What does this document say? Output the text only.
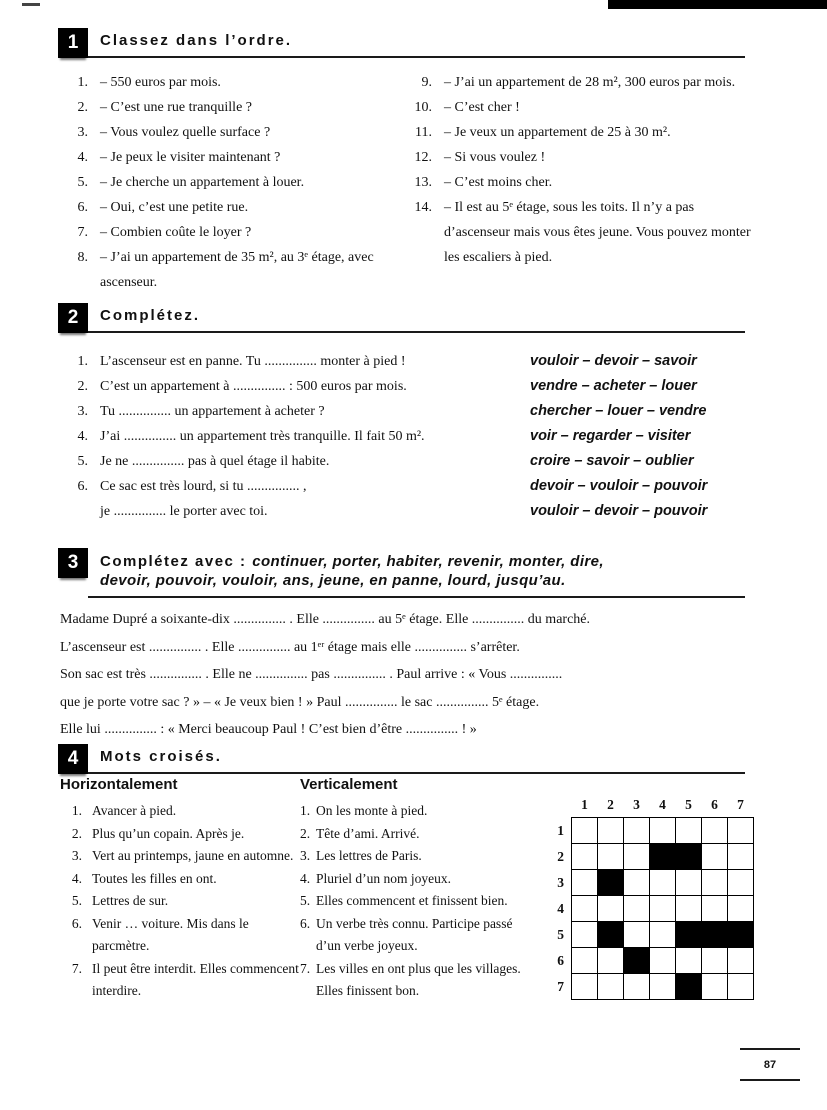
1	Classez dans l’ordre.
1. – 550 euros par mois.
2. – C’est une rue tranquille ?
3. – Vous voulez quelle surface ?
4. – Je peux le visiter maintenant ?
5. – Je cherche un appartement à louer.
6. – Oui, c’est une petite rue.
7. – Combien coûte le loyer ?
8. – J’ai un appartement de 35 m², au 3ᵉ étage, avec ascenseur.
9. – J’ai un appartement de 28 m², 300 euros par mois.
10. – C’est cher !
11. – Je veux un appartement de 25 à 30 m².
12. – Si vous voulez !
13. – C’est moins cher.
14. – Il est au 5ᵉ étage, sous les toits. Il n’y a pas d’ascenseur mais vous êtes jeune. Vous pouvez monter les escaliers à pied.
2	Complétez.
1. L’ascenseur est en panne. Tu ............... monter à pied !	vouloir – devoir – savoir
2. C’est un appartement à ............... : 500 euros par mois.	vendre – acheter – louer
3. Tu ............... un appartement à acheter ?	chercher – louer – vendre
4. J’ai ............... un appartement très tranquille. Il fait 50 m².	voir – regarder – visiter
5. Je ne ............... pas à quel étage il habite.	croire – savoir – oublier
6. Ce sac est très lourd, si tu ............... ,	devoir – vouloir – pouvoir
je ............... le porter avec toi.	vouloir – devoir – pouvoir
3	Complétez avec : continuer, porter, habiter, revenir, monter, dire,
devoir, pouvoir, vouloir, ans, jeune, en panne, lourd, jusqu’au.
Madame Dupré a soixante-dix ............... . Elle ............... au 5ᵉ étage. Elle ............... du marché.
L’ascenseur est ............... . Elle ............... au 1ᵉʳ étage mais elle ............... s’arrêter.
Son sac est très ............... . Elle ne ............... pas ............... . Paul arrive : « Vous ...............
que je porte votre sac ? » – « Je veux bien ! » Paul ............... le sac ............... 5ᵉ étage.
Elle lui ............... : « Merci beaucoup Paul ! C’est bien d’être ............... ! »
4	Mots croisés.
Horizontalement	Verticalement
1. Avancer à pied.
2. Plus qu’un copain. Après je.
3. Vert au printemps, jaune en automne.
4. Toutes les filles en ont.
5. Lettres de sur.
6. Venir … voiture. Mis dans le parcmètre.
7. Il peut être interdit. Elles commencent interdire.
1. On les monte à pied.
2. Tête d’ami. Arrivé.
3. Les lettres de Paris.
4. Pluriel d’un nom joyeux.
5. Elles commencent et finissent bien.
6. Un verbe très connu. Participe passé d’un verbe joyeux.
7. Les villes en ont plus que les villages. Elles finissent bon.
	1	2	3	4	5	6	7
1							
2							
3							
4							
5							
6							
7							
87
